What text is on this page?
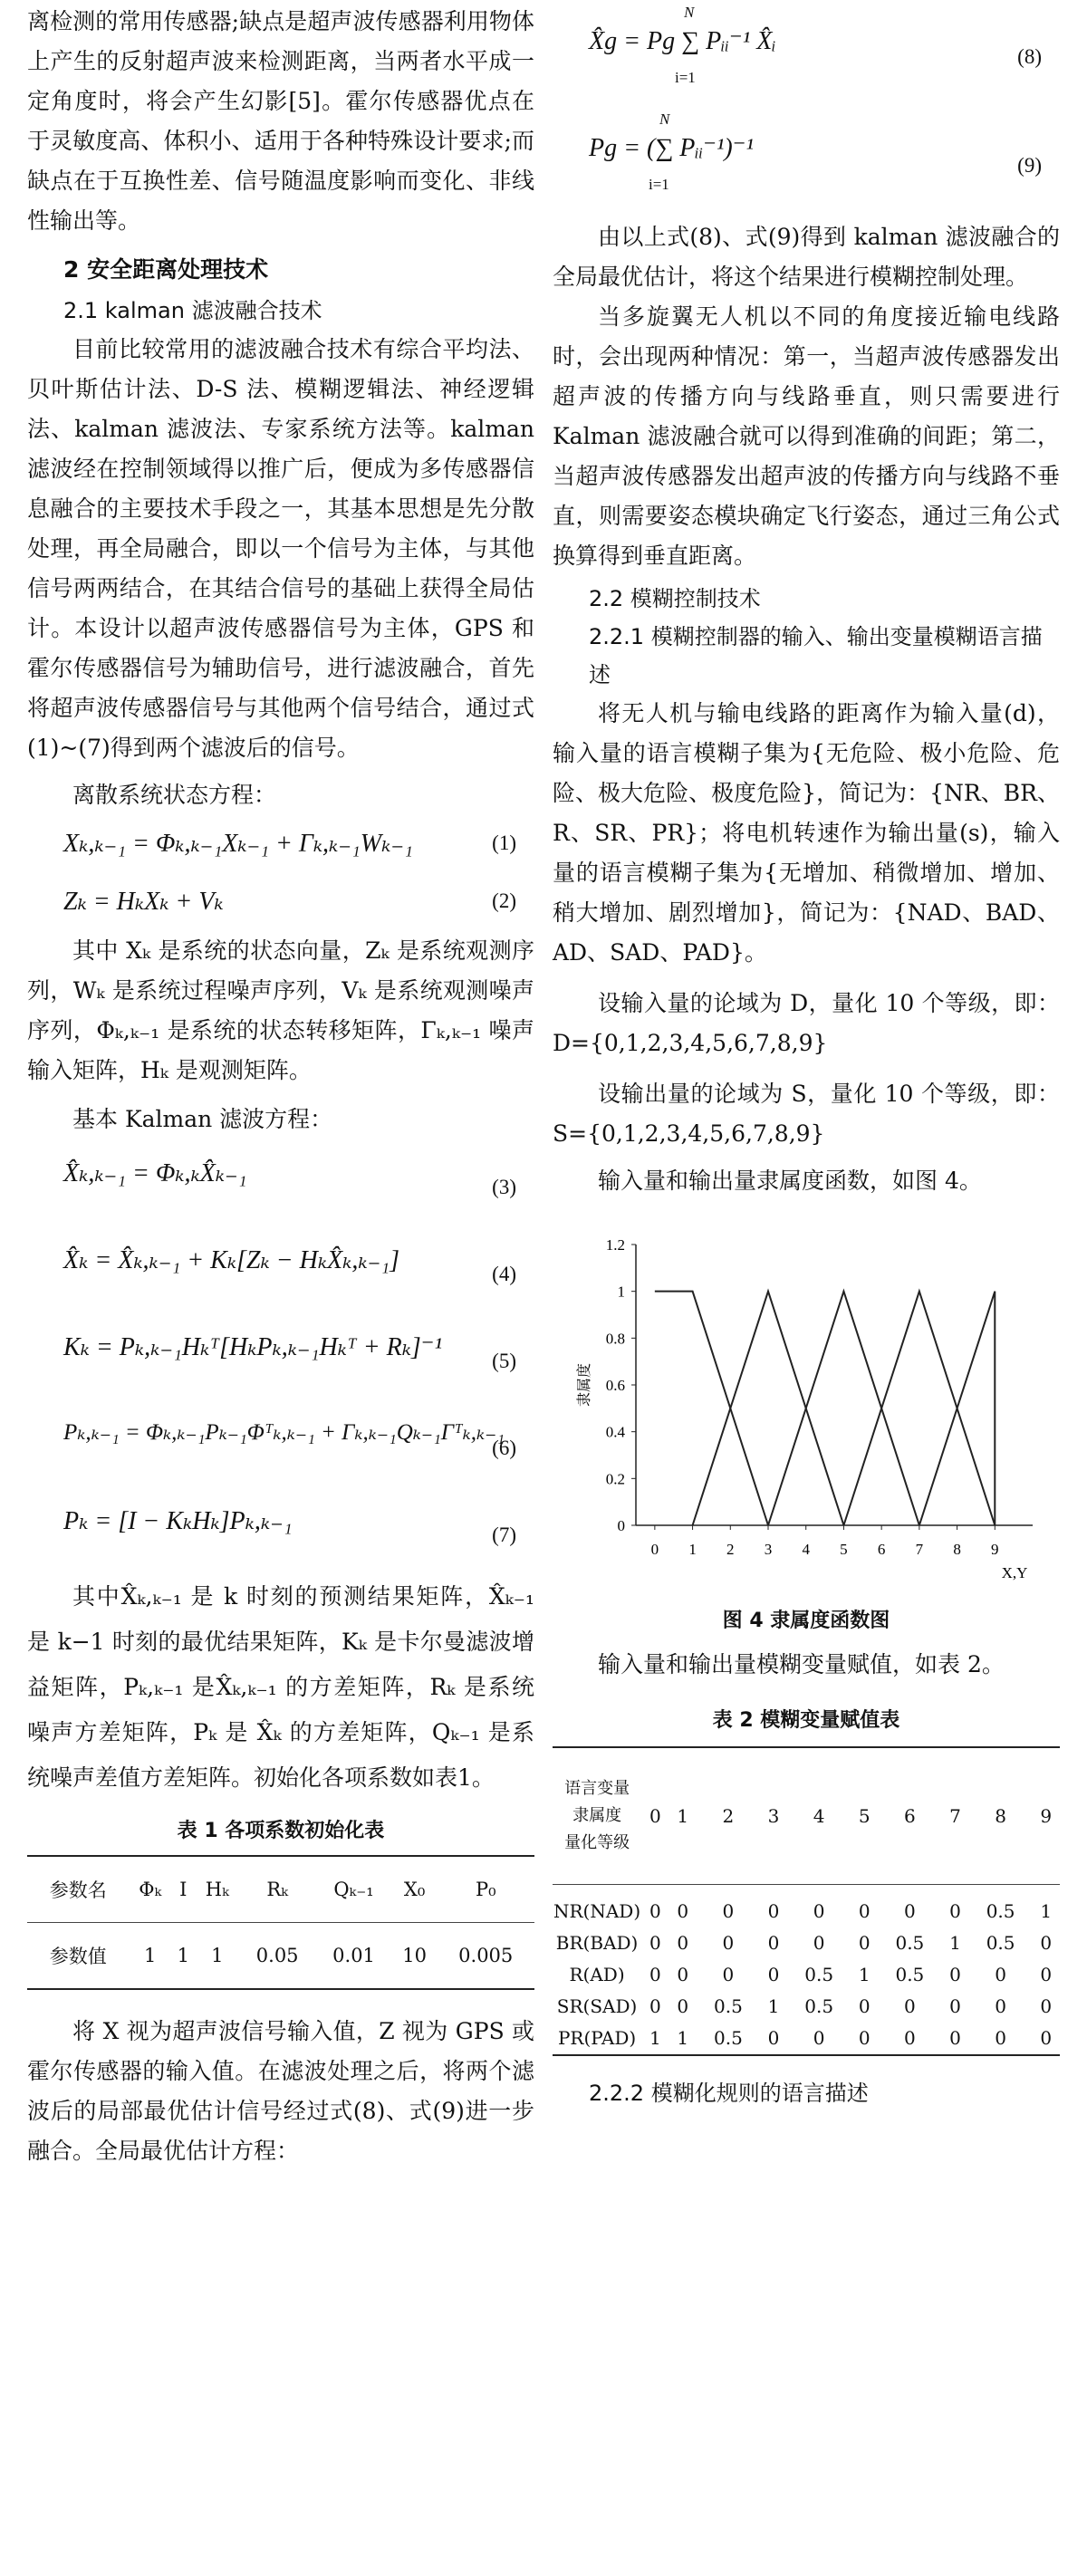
离检测的常用传感器;缺点是超声波传感器利用物体上产生的反射超声波来检测距离，当两者水平成一定角度时，将会产生幻影[5]。霍尔传感器优点在于灵敏度高、体积小、适用于各种特殊设计要求;而缺点在于互换性差、信号随温度影响而变化、非线性输出等。

2 安全距离处理技术
2.1 kalman 滤波融合技术

目前比较常用的滤波融合技术有综合平均法、贝叶斯估计法、D-S 法、模糊逻辑法、神经逻辑法、kalman 滤波法、专家系统方法等。kalman 滤波经在控制领域得以推广后，便成为多传感器信息融合的主要技术手段之一，其基本思想是先分散处理，再全局融合，即以一个信号为主体，与其他信号两两结合，在其结合信号的基础上获得全局估计。本设计以超声波传感器信号为主体，GPS 和霍尔传感器信号为辅助信号，进行滤波融合，首先将超声波传感器信号与其他两个信号结合，通过式(1)~(7)得到两个滤波后的信号。

离散系统状态方程：

Xₖ,ₖ₋₁ = Φₖ,ₖ₋₁Xₖ₋₁ + Γₖ,ₖ₋₁Wₖ₋₁	(1)
Zₖ = HₖXₖ + Vₖ	(2)

其中 Xₖ 是系统的状态向量，Zₖ 是系统观测序列，Wₖ 是系统过程噪声序列，Vₖ 是系统观测噪声序列，Φₖ,ₖ₋₁ 是系统的状态转移矩阵，Γₖ,ₖ₋₁ 噪声输入矩阵，Hₖ 是观测矩阵。

基本 Kalman 滤波方程：

X̂ₖ,ₖ₋₁ = Φₖ,ₖX̂ₖ₋₁	(3)
X̂ₖ = X̂ₖ,ₖ₋₁ + Kₖ[Zₖ − HₖX̂ₖ,ₖ₋₁]	(4)
Kₖ = Pₖ,ₖ₋₁Hₖᵀ[HₖPₖ,ₖ₋₁Hₖᵀ + Rₖ]⁻¹ (5)
Pₖ,ₖ₋₁ = Φₖ,ₖ₋₁Pₖ₋₁Φᵀₖ,ₖ₋₁ + Γₖ,ₖ₋₁Qₖ₋₁Γᵀₖ,ₖ₋₁
(6)
Pₖ = [I − KₖHₖ]Pₖ,ₖ₋₁	(7)

其中X̂ₖ,ₖ₋₁ 是 k 时刻的预测结果矩阵，X̂ₖ₋₁ 是 k−1 时刻的最优结果矩阵，Kₖ 是卡尔曼滤波增益矩阵，Pₖ,ₖ₋₁ 是X̂ₖ,ₖ₋₁ 的方差矩阵，Rₖ 是系统噪声方差矩阵，Pₖ 是 X̂ₖ 的方差矩阵，Qₖ₋₁ 是系统噪声差值方差矩阵。初始化各项系数如表1。

表 1 各项系数初始化表
参数名	Φₖ	I	Hₖ	Rₖ	Qₖ₋₁	X₀	P₀
参数值	1	1	1	0.05	0.01	10	0.005

将 X 视为超声波信号输入值，Z 视为 GPS 或霍尔传感器的输入值。在滤波处理之后，将两个滤波后的局部最优估计信号经过式(8)、式(9)进一步融合。全局最优估计方程：

X̂g = Pg ∑ Pᵢᵢ⁻¹ X̂ᵢ
N
i=1
(8)
Pg = (∑ Pᵢᵢ⁻¹)⁻¹
N
i=1
(9)

由以上式(8)、式(9)得到 kalman 滤波融合的全局最优估计，将这个结果进行模糊控制处理。

当多旋翼无人机以不同的角度接近输电线路时，会出现两种情况：第一，当超声波传感器发出超声波的传播方向与线路垂直，则只需要进行 Kalman 滤波融合就可以得到准确的间距；第二，当超声波传感器发出超声波的传播方向与线路不垂直，则需要姿态模块确定飞行姿态，通过三角公式换算得到垂直距离。

2.2 模糊控制技术
2.2.1 模糊控制器的输入、输出变量模糊语言描述

将无人机与输电线路的距离作为输入量(d)，输入量的语言模糊子集为{无危险、极小危险、危险、极大危险、极度危险}，简记为：{NR、BR、R、SR、PR}；将电机转速作为输出量(s)，输入量的语言模糊子集为{无增加、稍微增加、增加、稍大增加、剧烈增加}，简记为：{NAD、BAD、AD、SAD、PAD}。

设输入量的论域为 D，量化 10 个等级，即：D={0,1,2,3,4,5,6,7,8,9}

设输出量的论域为 S，量化 10 个等级，即：S={0,1,2,3,4,5,6,7,8,9}

输入量和输出量隶属度函数，如图 4。

0
0.2
0.4
0.6
0.8
1
1.2
0 1 2 3 4 5 6 7 8 9
X,Y
隶属度
图 4 隶属度函数图

输入量和输出量模糊变量赋值，如表 2。

表 2 模糊变量赋值表
语言变量
隶属度
量化等级	0	1	2	3	4	5	6	7	8	9
NR(NAD)	0	0	0	0	0	0	0	0	0.5	1
BR(BAD)	0	0	0	0	0	0	0.5	1	0.5	0
R(AD)	0	0	0	0	0.5	1	0.5	0	0	0
SR(SAD)	0	0	0.5	1	0.5	0	0	0	0	0
PR(PAD)	1	1	0.5	0	0	0	0	0	0	0
2.2.2 模糊化规则的语言描述
